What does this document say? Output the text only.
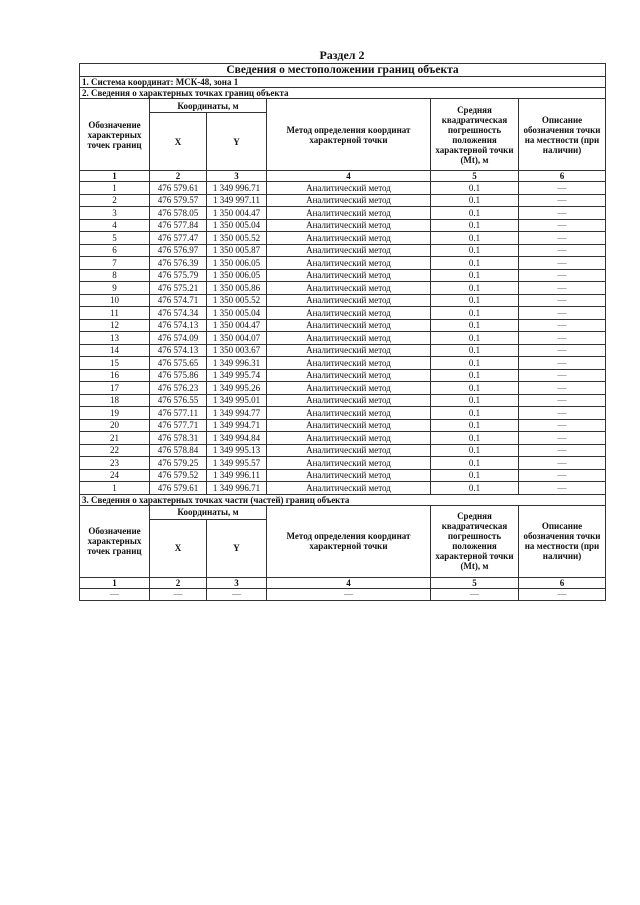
Раздел 2
Сведения о местоположении границ объекта					
1. Система координат: МСК-48, зона 1					
2. Сведения о характерных точках границ объекта					
Обозначение характерных точек границ	Координаты, м		Метод определения координат характерной точки	Средняя квадратическая погрешность положения характерной точки (Mt), м	Описание обозначения точки на местности (при наличии)
	X	Y			
1	2	3	4	5	6
1	476 579.61	1 349 996.71	Аналитический метод	0.1	—
2	476 579.57	1 349 997.11	Аналитический метод	0.1	—
3	476 578.05	1 350 004.47	Аналитический метод	0.1	—
4	476 577.84	1 350 005.04	Аналитический метод	0.1	—
5	476 577.47	1 350 005.52	Аналитический метод	0.1	—
6	476 576.97	1 350 005.87	Аналитический метод	0.1	—
7	476 576.39	1 350 006.05	Аналитический метод	0.1	—
8	476 575.79	1 350 006.05	Аналитический метод	0.1	—
9	476 575.21	1 350 005.86	Аналитический метод	0.1	—
10	476 574.71	1 350 005.52	Аналитический метод	0.1	—
11	476 574.34	1 350 005.04	Аналитический метод	0.1	—
12	476 574.13	1 350 004.47	Аналитический метод	0.1	—
13	476 574.09	1 350 004.07	Аналитический метод	0.1	—
14	476 574.13	1 350 003.67	Аналитический метод	0.1	—
15	476 575.65	1 349 996.31	Аналитический метод	0.1	—
16	476 575.86	1 349 995.74	Аналитический метод	0.1	—
17	476 576.23	1 349 995.26	Аналитический метод	0.1	—
18	476 576.55	1 349 995.01	Аналитический метод	0.1	—
19	476 577.11	1 349 994.77	Аналитический метод	0.1	—
20	476 577.71	1 349 994.71	Аналитический метод	0.1	—
21	476 578.31	1 349 994.84	Аналитический метод	0.1	—
22	476 578.84	1 349 995.13	Аналитический метод	0.1	—
23	476 579.25	1 349 995.57	Аналитический метод	0.1	—
24	476 579.52	1 349 996.11	Аналитический метод	0.1	—
1	476 579.61	1 349 996.71	Аналитический метод	0.1	—
3. Сведения о характерных точках части (частей) границ объекта					
Обозначение характерных точек границ	Координаты, м		Метод определения координат характерной точки	Средняя квадратическая погрешность положения характерной точки (Mt), м	Описание обозначения точки на местности (при наличии)
	X	Y			
1	2	3	4	5	6
—	—	—	—	—	—
